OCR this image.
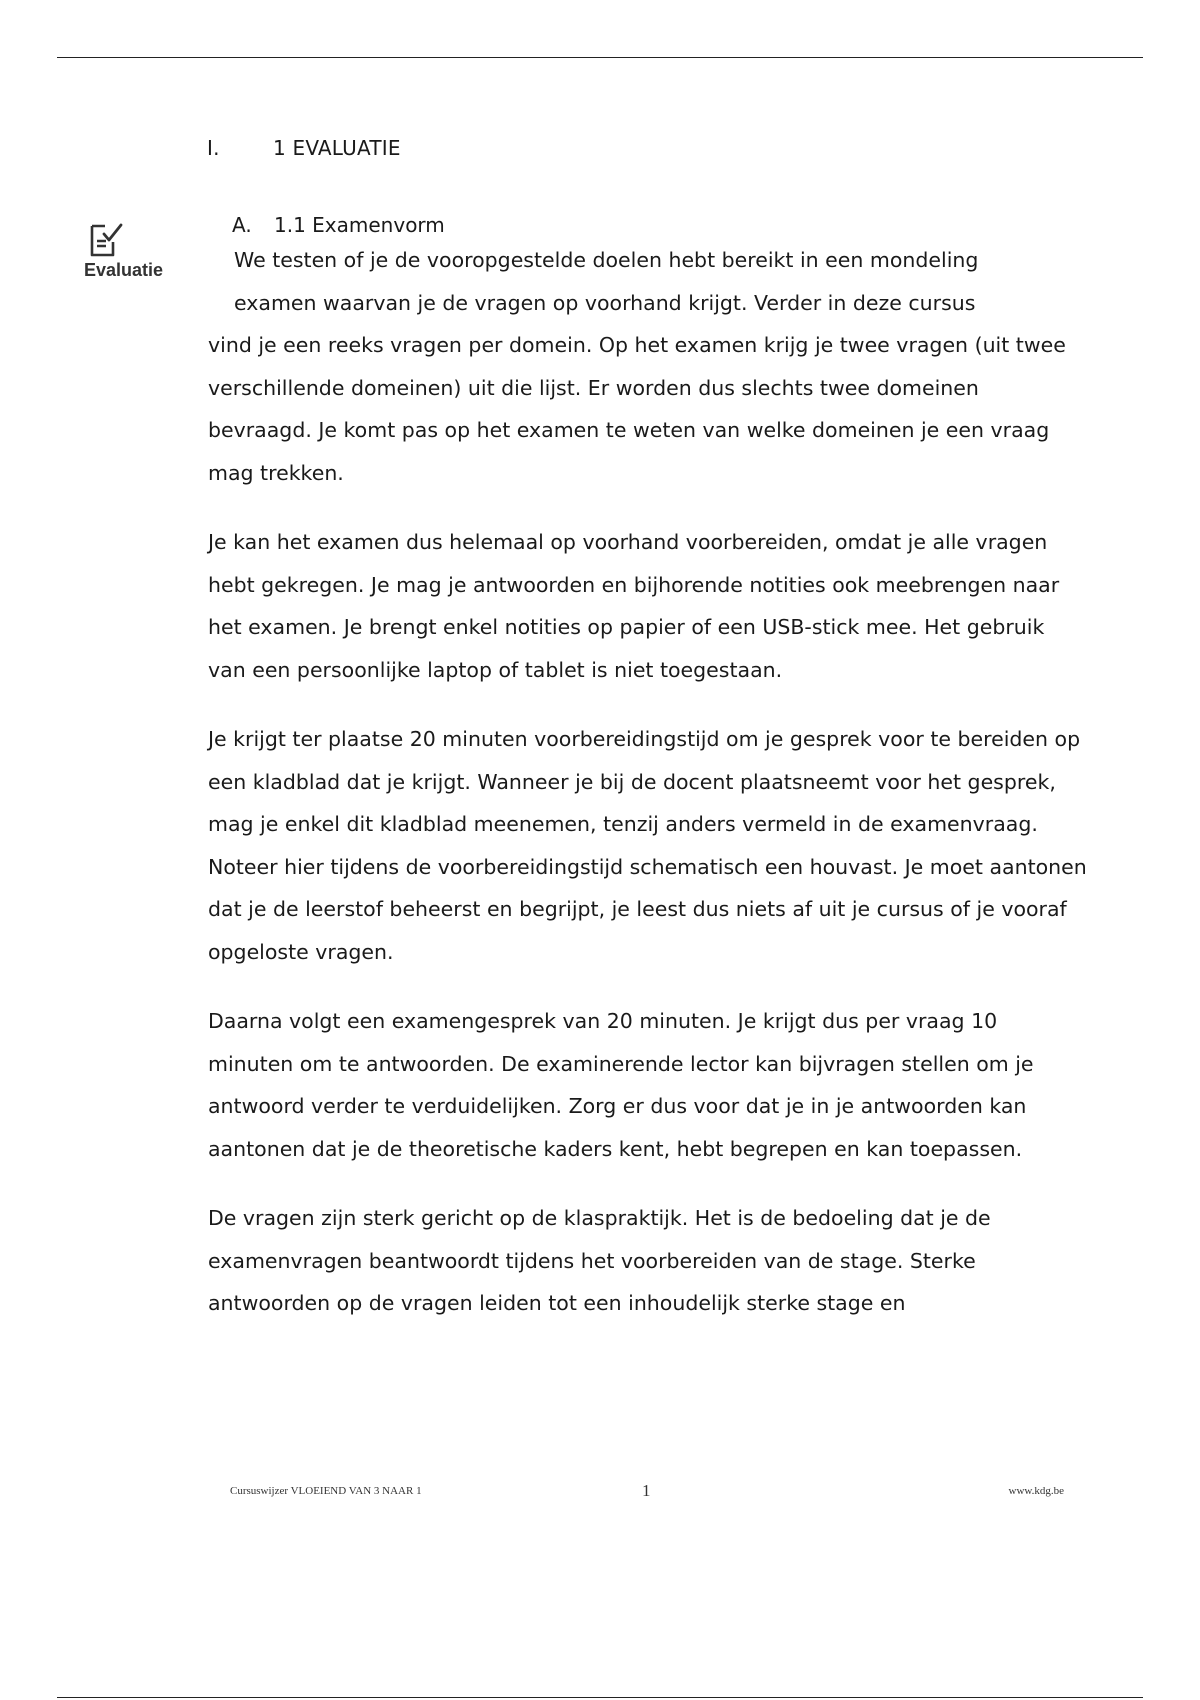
I.	1 EVALUATIE
Evaluatie
A. 1.1 Examenvorm

We testen of je de vooropgestelde doelen hebt bereikt in een mondeling
examen waarvan je de vragen op voorhand krijgt. Verder in deze cursus
vind je een reeks vragen per domein. Op het examen krijg je twee vragen (uit twee verschillende domeinen) uit die lijst. Er worden dus slechts twee domeinen bevraagd. Je komt pas op het examen te weten van welke domeinen je een vraag mag trekken.

Je kan het examen dus helemaal op voorhand voorbereiden, omdat je alle vragen hebt gekregen. Je mag je antwoorden en bijhorende notities ook meebrengen naar het examen. Je brengt enkel notities op papier of een USB-stick mee. Het gebruik van een persoonlijke laptop of tablet is niet toegestaan.

Je krijgt ter plaatse 20 minuten voorbereidingstijd om je gesprek voor te bereiden op een kladblad dat je krijgt. Wanneer je bij de docent plaatsneemt voor het gesprek, mag je enkel dit kladblad meenemen, tenzij anders vermeld in de examenvraag. Noteer hier tijdens de voorbereidingstijd schematisch een houvast. Je moet aantonen dat je de leerstof beheerst en begrijpt, je leest dus niets af uit je cursus of je vooraf opgeloste vragen.

Daarna volgt een examengesprek van 20 minuten. Je krijgt dus per vraag 10 minuten om te antwoorden. De examinerende lector kan bijvragen stellen om je antwoord verder te verduidelijken. Zorg er dus voor dat je in je antwoorden kan aantonen dat je de theoretische kaders kent, hebt begrepen en kan toepassen.

De vragen zijn sterk gericht op de klaspraktijk. Het is de bedoeling dat je de examenvragen beantwoordt tijdens het voorbereiden van de stage. Sterke antwoorden op de vragen leiden tot een inhoudelijk sterke stage en

Cursuswijzer VLOEIEND VAN 3 NAAR 1	1	www.kdg.be
